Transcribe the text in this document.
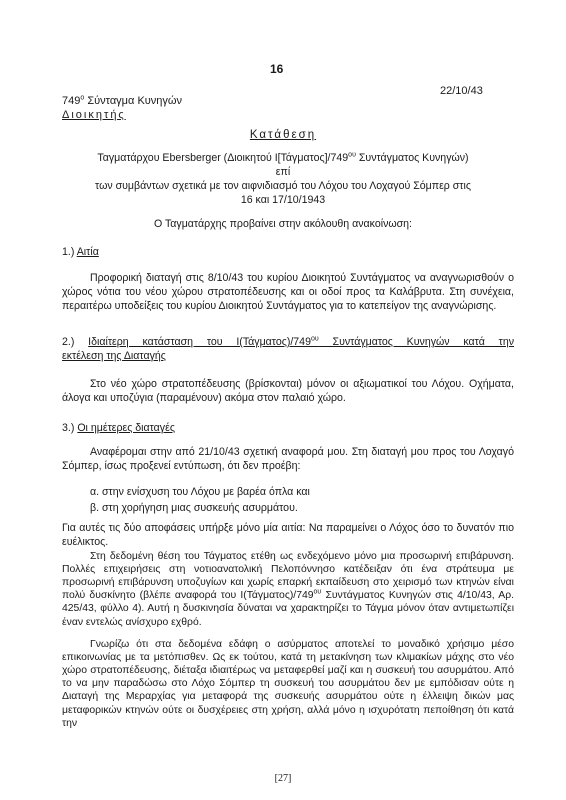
16
22/10/43
$749^o$ Σύνταγμα Κυνηγών
Διοικητής
Κατάθεση
Ταγματάρχου Ebersberger (Διοικητού $I[Tά\gamma\mu\alpha\tau o\varsigma]/749^{o\upsilon}$ Συντάγματος Κυνηγών)
επί
των συμβάντων σχετικά με τον αιφνιδιασμό του Λόχου του Λοχαγού Σόμπερ στις
16 και 17/10/1943
Ο Ταγματάρχης προβαίνει στην ακόλουθη ανακοίνωση:
1.) Αιτία

Προφορική διαταγή στις 8/10/43 του κυρίου Διοικητού Συντάγματος να αναγνωρισθούν ο χώρος νότια του νέου χώρου στρατοπέδευσης και οι οδοί προς τα Καλάβρυτα. Στη συνέχεια, περαιτέρω υποδείξεις του κυρίου Διοικητού Συντάγματος για το κατεπείγον της αναγνώρισης.

2.) Ιδιαίτερη κατάσταση του $I(Tά\gamma\mu\alpha\tau o\varsigma)/749^{o\upsilon}$ Συντάγματος Κυνηγών κατά την
εκτέλεση της Διαταγής

Στο νέο χώρο στρατοπέδευσης (βρίσκονται) μόνον οι αξιωματικοί του Λόχου. Οχήματα, άλογα και υποζύγια (παραμένουν) ακόμα στον παλαιό χώρο.

3.) Οι ημέτερες διαταγές

Αναφέρομαι στην από 21/10/43 σχετική αναφορά μου. Στη διαταγή μου προς του Λοχαγό Σόμπερ, ίσως προξενεί εντύπωση, ότι δεν προέβη:

α. στην ενίσχυση του Λόχου με βαρέα όπλα και
β. στη χορήγηση μιας συσκευής ασυρμάτου.

Για αυτές τις δύο αποφάσεις υπήρξε μόνο μία αιτία: Να παραμείνει ο Λόχος όσο το δυνατόν πιο ευέλικτος.

Στη δεδομένη θέση του Τάγματος ετέθη ως ενδεχόμενο μόνο μια προσωρινή επιβάρυνση. Πολλές επιχειρήσεις στη νοτιοανατολική Πελοπόννησο κατέδειξαν ότι ένα στράτευμα με προσωρινή επιβάρυνση υποζυγίων και χωρίς επαρκή εκπαίδευση στο χειρισμό των κτηνών είναι πολύ δυσκίνητο (βλέπε αναφορά του $I(Tά\gamma\mu\alpha\tau o\varsigma)/749^{o\upsilon}$ Συντάγματος Κυνηγών στις 4/10/43, Αρ. 425/43, φύλλο 4). Αυτή η δυσκινησία δύναται να χαρακτηρίζει το Τάγμα μόνον όταν αντιμετωπίζει έναν εντελώς ανίσχυρο εχθρό.

Γνωρίζω ότι στα δεδομένα εδάφη ο ασύρματος αποτελεί το μοναδικό χρήσιμο μέσο επικοινωνίας με τα μετόπισθεν. Ως εκ τούτου, κατά τη μετακίνηση των κλιμακίων μάχης στο νέο χώρο στρατοπέδευσης, διέταξα ιδιαιτέρως να μεταφερθεί μαζί και η συσκευή του ασυρμάτου. Από το να μην παραδώσω στο Λόχο Σόμπερ τη συσκευή του ασυρμάτου δεν με εμπόδισαν ούτε η Διαταγή της Μεραρχίας για μεταφορά της συσκευής ασυρμάτου ούτε η έλλειψη δικών μας μεταφορικών κτηνών ούτε οι δυσχέρειες στη χρήση, αλλά μόνο η ισχυρότατη πεποίθηση ότι κατά την

[27]
